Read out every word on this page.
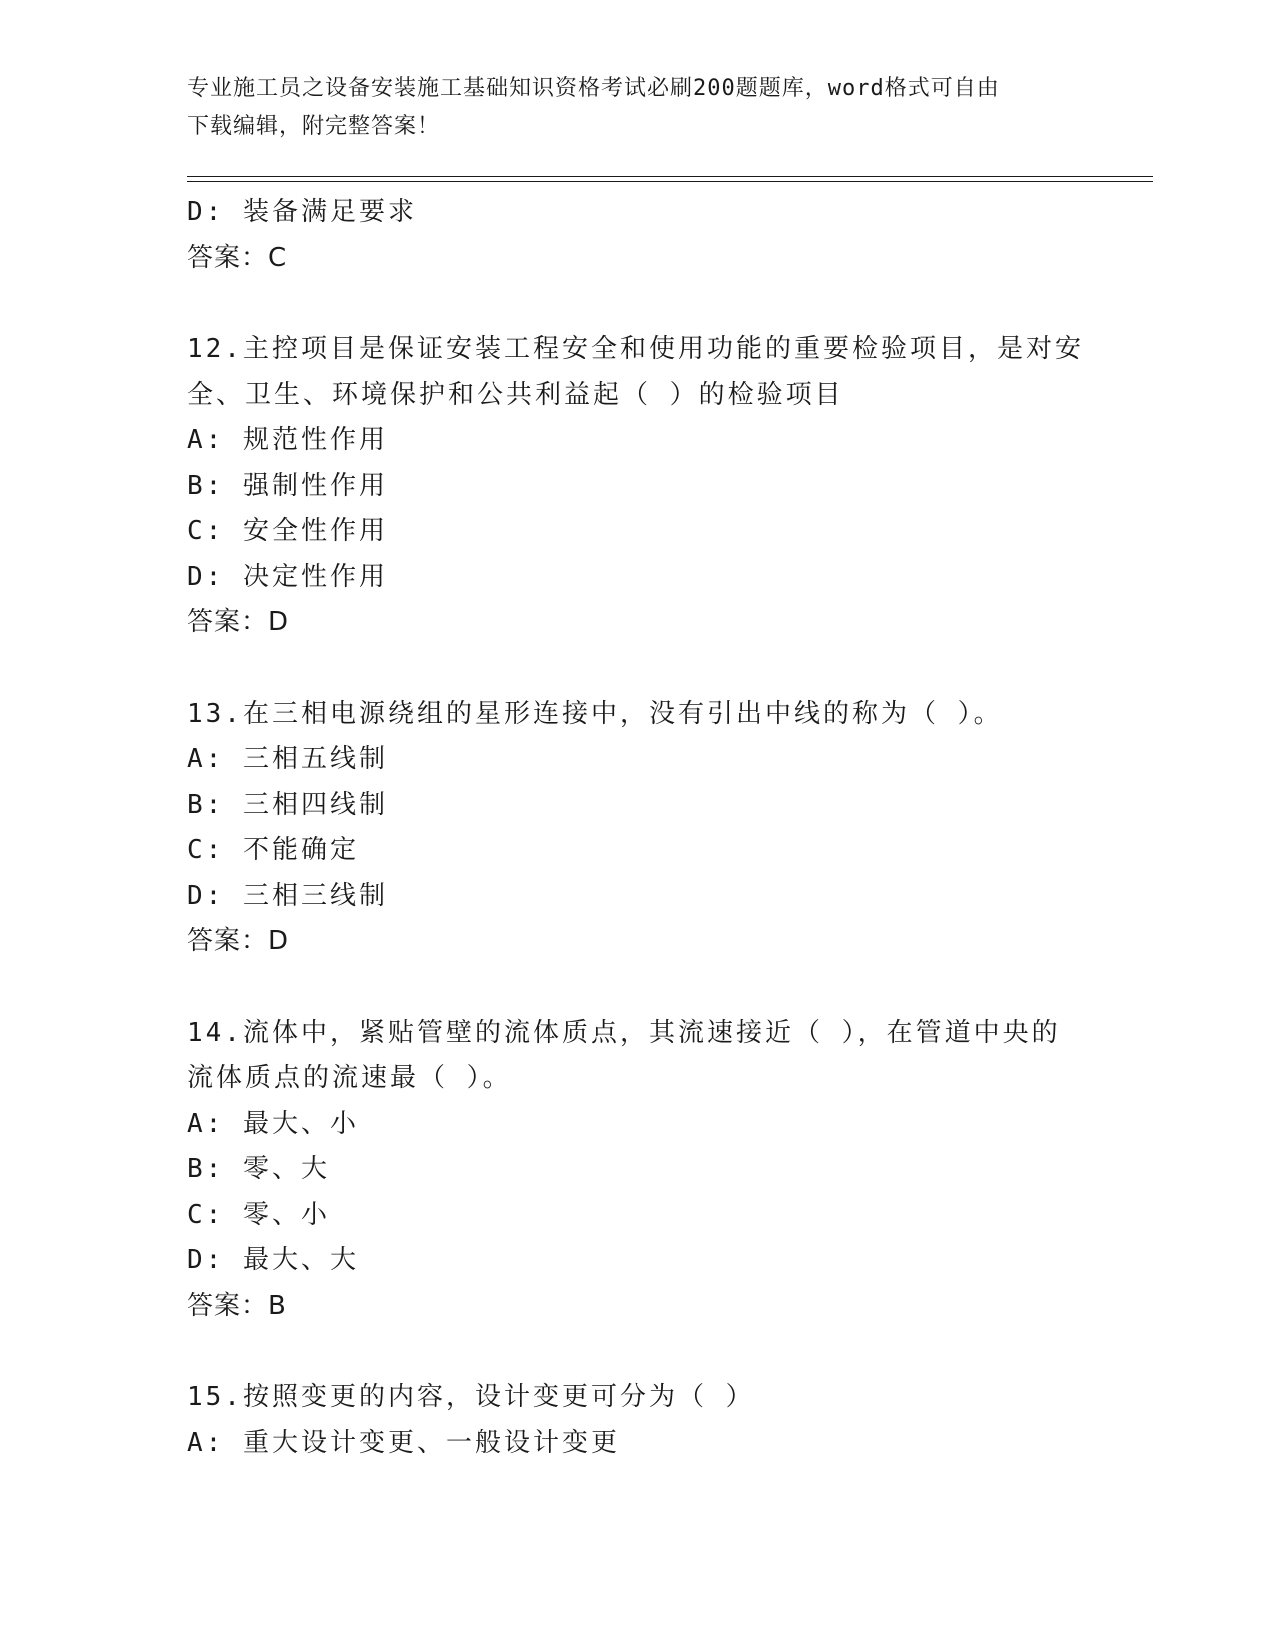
专业施工员之设备安装施工基础知识资格考试必刷200题题库，word格式可自由
下载编辑，附完整答案！
D: 装备满足要求
答案：C
12.主控项目是保证安装工程安全和使用功能的重要检验项目，是对安
全、卫生、环境保护和公共利益起（ ）的检验项目
A: 规范性作用
B: 强制性作用
C: 安全性作用
D: 决定性作用
答案：D
13.在三相电源绕组的星形连接中，没有引出中线的称为（ ）。
A: 三相五线制
B: 三相四线制
C: 不能确定
D: 三相三线制
答案：D
14.流体中，紧贴管壁的流体质点，其流速接近（ ），在管道中央的
流体质点的流速最（ ）。
A: 最大、小
B: 零、大
C: 零、小
D: 最大、大
答案：B
15.按照变更的内容，设计变更可分为（ ）
A: 重大设计变更、一般设计变更
